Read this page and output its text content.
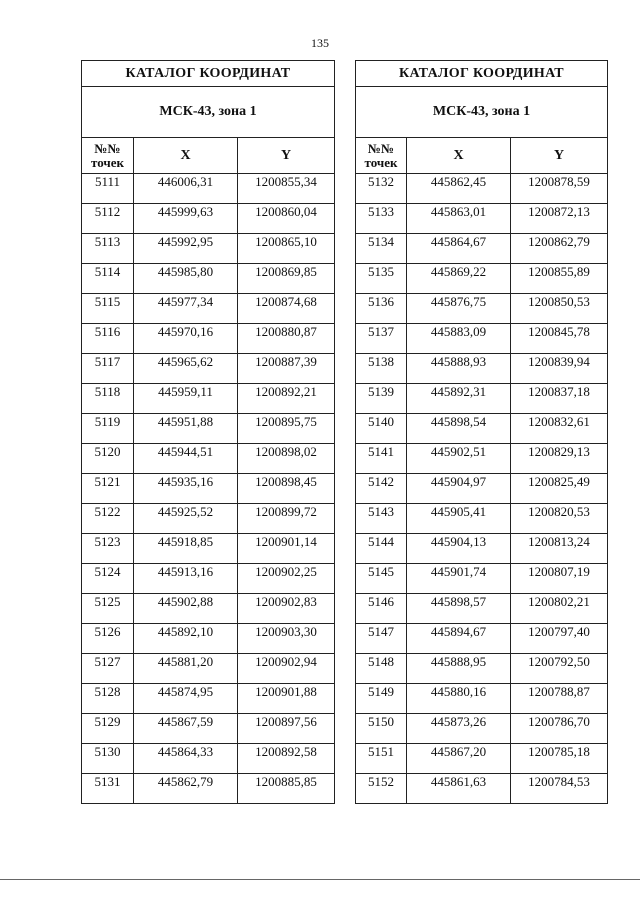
135
КАТАЛОГ КООРДИНАТ		
МСК-43, зона 1		
№№
точек	X	Y
5111	446006,31	1200855,34
5112	445999,63	1200860,04
5113	445992,95	1200865,10
5114	445985,80	1200869,85
5115	445977,34	1200874,68
5116	445970,16	1200880,87
5117	445965,62	1200887,39
5118	445959,11	1200892,21
5119	445951,88	1200895,75
5120	445944,51	1200898,02
5121	445935,16	1200898,45
5122	445925,52	1200899,72
5123	445918,85	1200901,14
5124	445913,16	1200902,25
5125	445902,88	1200902,83
5126	445892,10	1200903,30
5127	445881,20	1200902,94
5128	445874,95	1200901,88
5129	445867,59	1200897,56
5130	445864,33	1200892,58
5131	445862,79	1200885,85
КАТАЛОГ КООРДИНАТ		
МСК-43, зона 1		
№№
точек	X	Y
5132	445862,45	1200878,59
5133	445863,01	1200872,13
5134	445864,67	1200862,79
5135	445869,22	1200855,89
5136	445876,75	1200850,53
5137	445883,09	1200845,78
5138	445888,93	1200839,94
5139	445892,31	1200837,18
5140	445898,54	1200832,61
5141	445902,51	1200829,13
5142	445904,97	1200825,49
5143	445905,41	1200820,53
5144	445904,13	1200813,24
5145	445901,74	1200807,19
5146	445898,57	1200802,21
5147	445894,67	1200797,40
5148	445888,95	1200792,50
5149	445880,16	1200788,87
5150	445873,26	1200786,70
5151	445867,20	1200785,18
5152	445861,63	1200784,53
